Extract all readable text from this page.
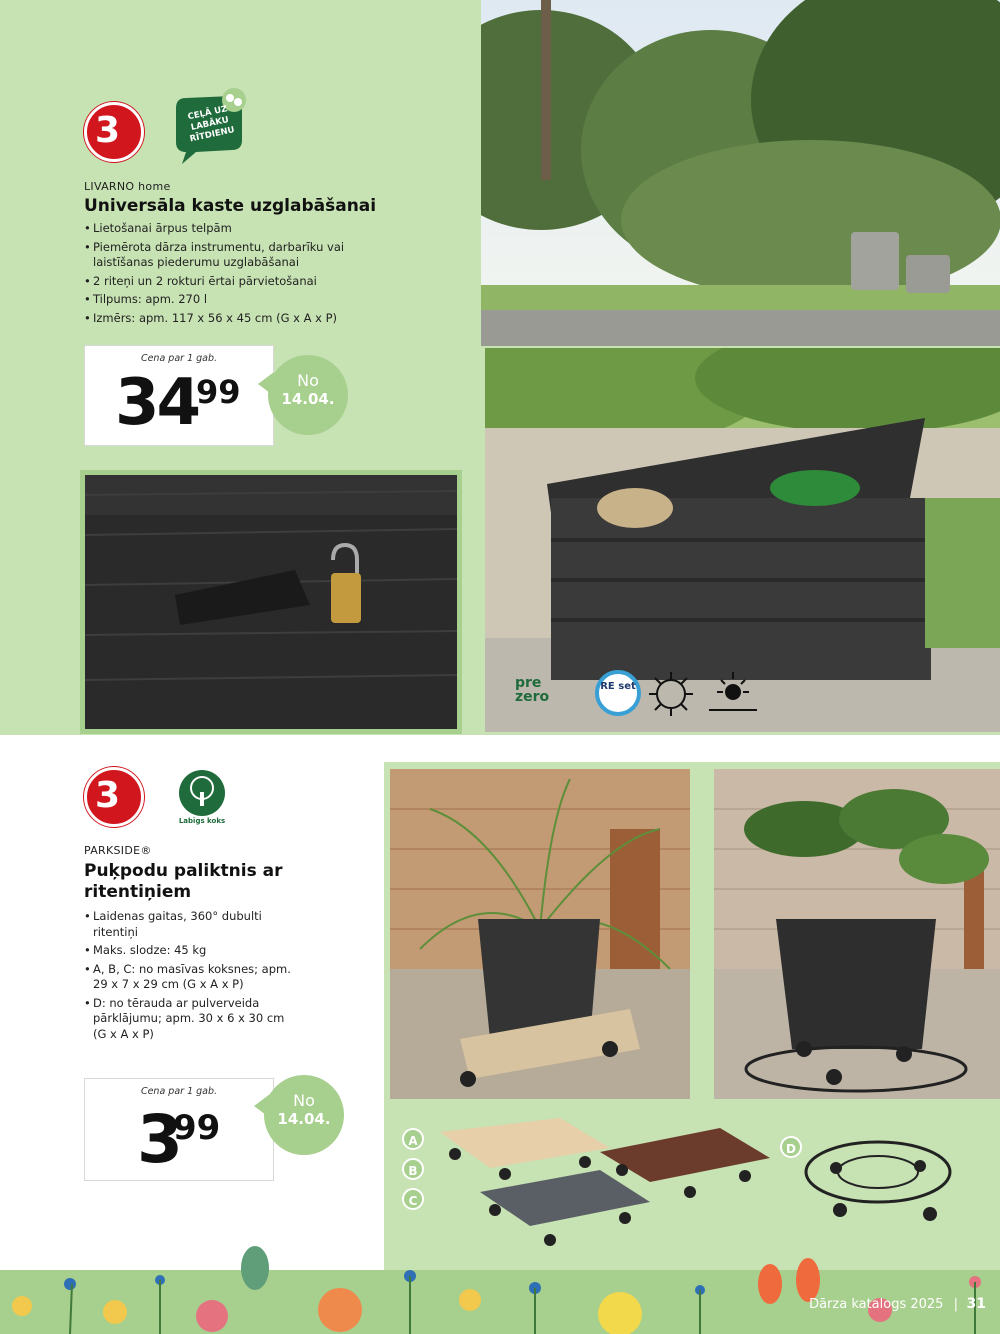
3	CEĻĀ UZ LABĀKU RĪTDIENU
LIVARNO home
Universāla kaste uzglabāšanai
• Lietošanai ārpus telpām
• Piemērota dārza instrumentu, darbarīku vai laistīšanas piederumu uzglabāšanai
• 2 riteņi un 2 rokturi ērtai pārvietošanai
• Tilpums: apm. 270 l
• Izmērs: apm. 117 x 56 x 45 cm (G x A x P)
Cena par 1 gab.
34
99	No
14.04.
pre zero
RE set
3
Labīgs koks
PARKSIDE®
Puķpodu paliktnis ar ritentiņiem
• Laidenas gaitas, 360° dubulti ritentiņi
• Maks. slodze: 45 kg
• A, B, C: no masīvas koksnes; apm. 29 x 7 x 29 cm (G x A x P)
• D: no tērauda ar pulverveida pārklājumu; apm. 30 x 6 x 30 cm (G x A x P)
Cena par 1 gab.
3
99
No
14.04.
A
B
C
D
Dārza katalogs 2025 | 31
